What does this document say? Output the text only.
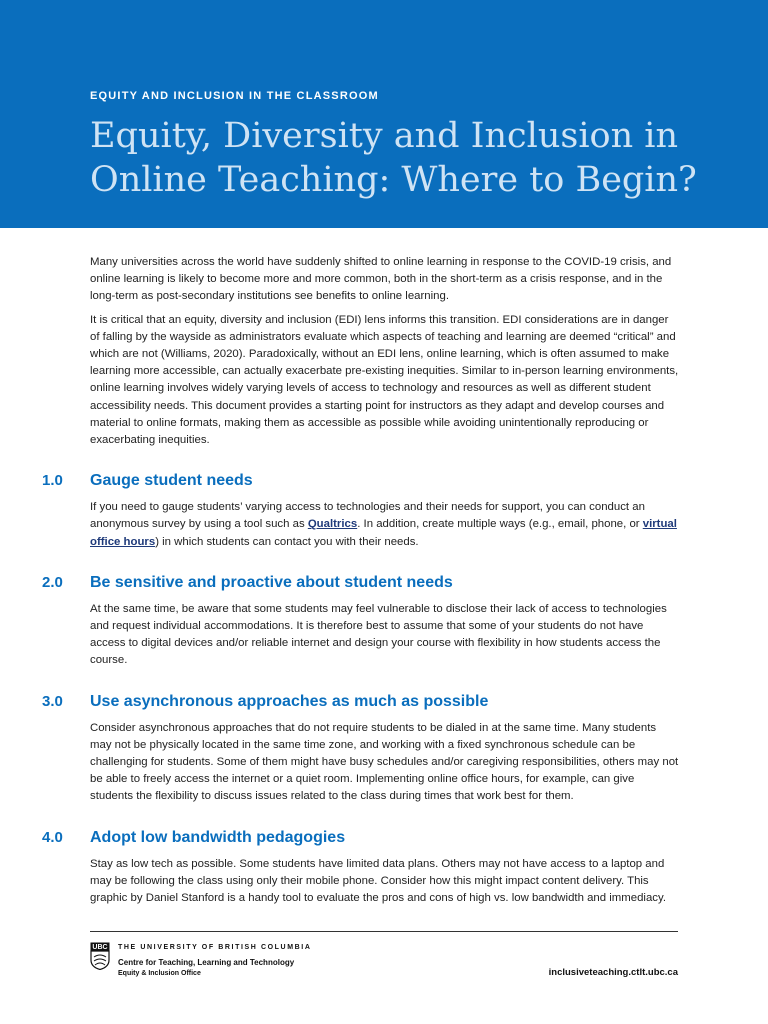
EQUITY AND INCLUSION IN THE CLASSROOM
Equity, Diversity and Inclusion in
Online Teaching: Where to Begin?

Many universities across the world have suddenly shifted to online learning in response to the COVID-19 crisis, and online learning is likely to become more and more common, both in the short-term as a crisis response, and in the long-term as post-secondary institutions see benefits to online learning.

It is critical that an equity, diversity and inclusion (EDI) lens informs this transition. EDI considerations are in danger of falling by the wayside as administrators evaluate which aspects of teaching and learning are deemed “critical” and which are not (Williams, 2020). Paradoxically, without an EDI lens, online learning, which is often assumed to make learning more accessible, can actually exacerbate pre-existing inequities. Similar to in-person learning environments, online learning involves widely varying levels of access to technology and resources as well as different student accessibility needs. This document provides a starting point for instructors as they adapt and develop courses and material to online formats, making them as accessible as possible while avoiding unintentionally reproducing or exacerbating inequities.

1.0 Gauge student needs

If you need to gauge students’ varying access to technologies and their needs for support, you can conduct an anonymous survey by using a tool such as Qualtrics. In addition, create multiple ways (e.g., email, phone, or virtual office hours) in which students can contact you with their needs.

2.0 Be sensitive and proactive about student needs

At the same time, be aware that some students may feel vulnerable to disclose their lack of access to technologies and request individual accommodations. It is therefore best to assume that some of your students do not have access to digital devices and/or reliable internet and design your course with flexibility in how students access the course.

3.0 Use asynchronous approaches as much as possible

Consider asynchronous approaches that do not require students to be dialed in at the same time. Many students may not be physically located in the same time zone, and working with a fixed synchronous schedule can be challenging for students. Some of them might have busy schedules and/or caregiving responsibilities, others may not be able to freely access the internet or a quiet room. Implementing online office hours, for example, can give students the flexibility to discuss issues related to the class during times that work best for them.

4.0 Adopt low bandwidth pedagogies

Stay as low tech as possible. Some students have limited data plans. Others may not have access to a laptop and may be following the class using only their mobile phone. Consider how this might impact content delivery. This graphic by Daniel Stanford is a handy tool to evaluate the pros and cons of high vs. low bandwidth and immediacy.

UBC THE UNIVERSITY OF BRITISH COLUMBIA
Centre for Teaching, Learning and Technology
Equity & Inclusion Office	inclusiveteaching.ctlt.ubc.ca
